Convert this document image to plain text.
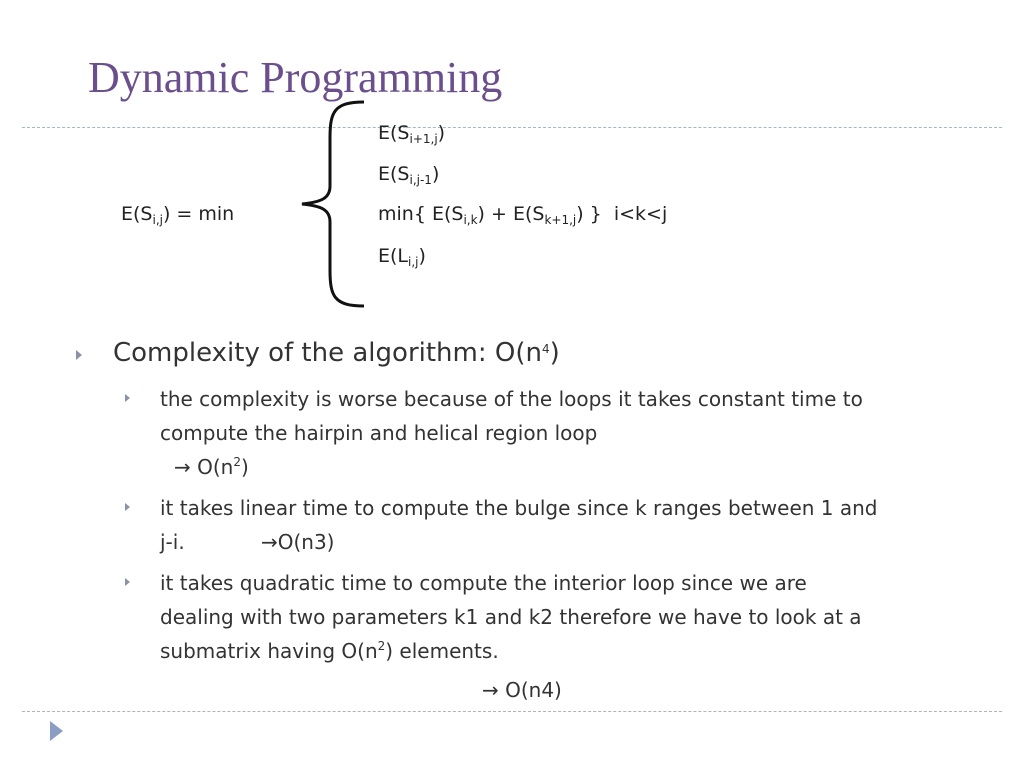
Dynamic Programming
$E(S_{i,j}) = \min$
$E(S_{i+1,j})$
$E(S_{i,j-1})$
min{ $E(S_{i,k}) + E(S_{k+1,j})$ }  i<k<j
$E(L_{i,j})$
Complexity of the algorithm: $O(n^4)$
the complexity is worse because of the loops it takes constant time to
compute the hairpin and helical region loop
→ $O(n^2)$
it takes linear time to compute the bulge since k ranges between 1 and
j-i.            →O(n3)
it takes quadratic time to compute the interior loop since we are
dealing with two parameters k1 and k2 therefore we have to look at a
submatrix having $O(n^2)$ elements.
→ O(n4)
